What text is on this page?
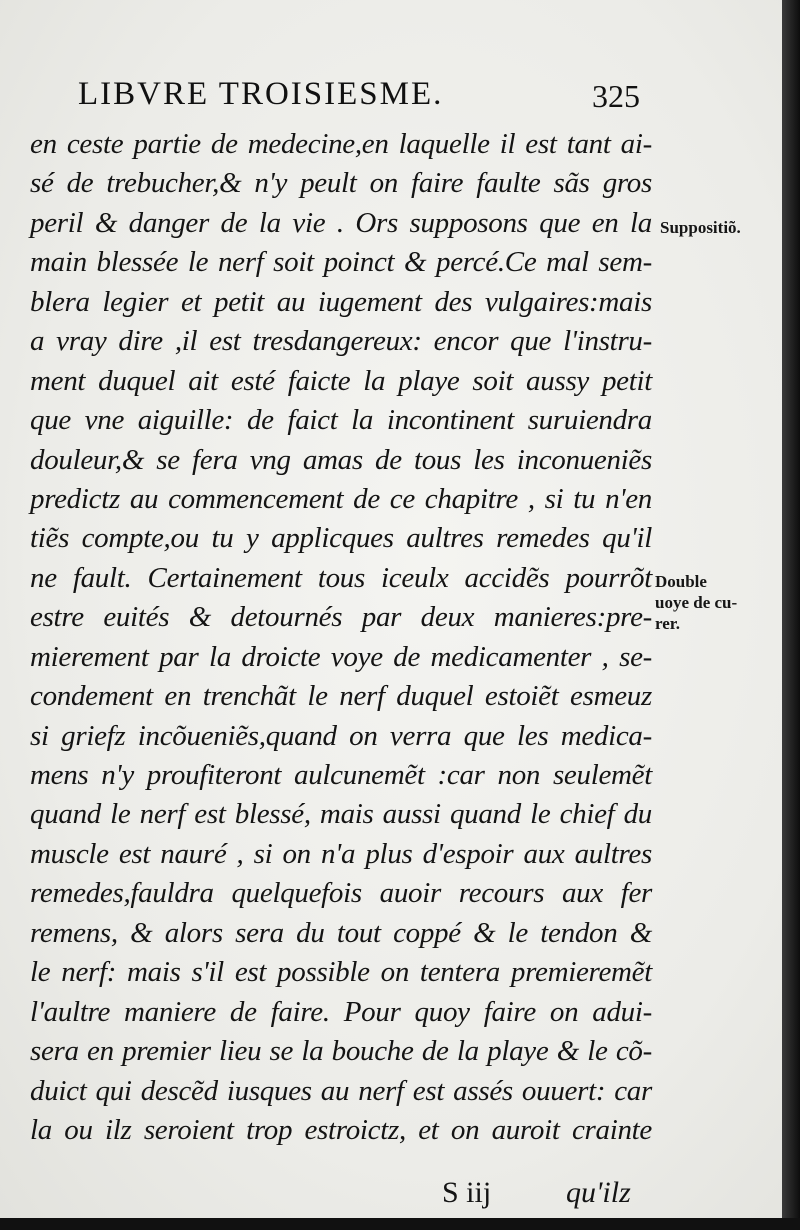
LIBVRE TROISIESME.	325
en ceste partie de medecine,en laquelle il est tant ai-
sé de trebucher,& n'y peult on faire faulte sãs gros
peril & danger de la vie . Ors supposons que en la
main blessée le nerf soit poinct & percé.Ce mal sem-
blera legier et petit au iugement des vulgaires:mais
a vray dire ,il est tresdangereux: encor que l'instru-
ment duquel ait esté faicte la playe soit aussy petit
que vne aiguille: de faict la incontinent suruiendra
douleur,& se fera vng amas de tous les inconueniẽs
predictz au commencement de ce chapitre , si tu n'en
tiẽs compte,ou tu y applicques aultres remedes qu'il
ne fault. Certainement tous iceulx accidẽs pourrõt
estre euités & detournés par deux manieres:pre-
mierement par la droicte voye de medicamenter , se-
condement en trenchãt le nerf duquel estoiẽt esmeuz
si griefz incõueniẽs,quand on verra que les medica-
mens n'y proufiteront aulcunemẽt :car non seulemẽt
quand le nerf est blessé, mais aussi quand le chief du
muscle est nauré , si on n'a plus d'espoir aux aultres
remedes,fauldra quelquefois auoir recours aux fer
remens, & alors sera du tout coppé & le tendon &
le nerf: mais s'il est possible on tentera premieremẽt
l'aultre maniere de faire. Pour quoy faire on adui-
sera en premier lieu se la bouche de la playe & le cõ-
duict qui descẽd iusques au nerf est assés ouuert: car
la ou ilz seroient trop estroictz, et on auroit crainte
Suppositiõ.
Double
uoye de cu-
rer.
S iij qu'ilz
